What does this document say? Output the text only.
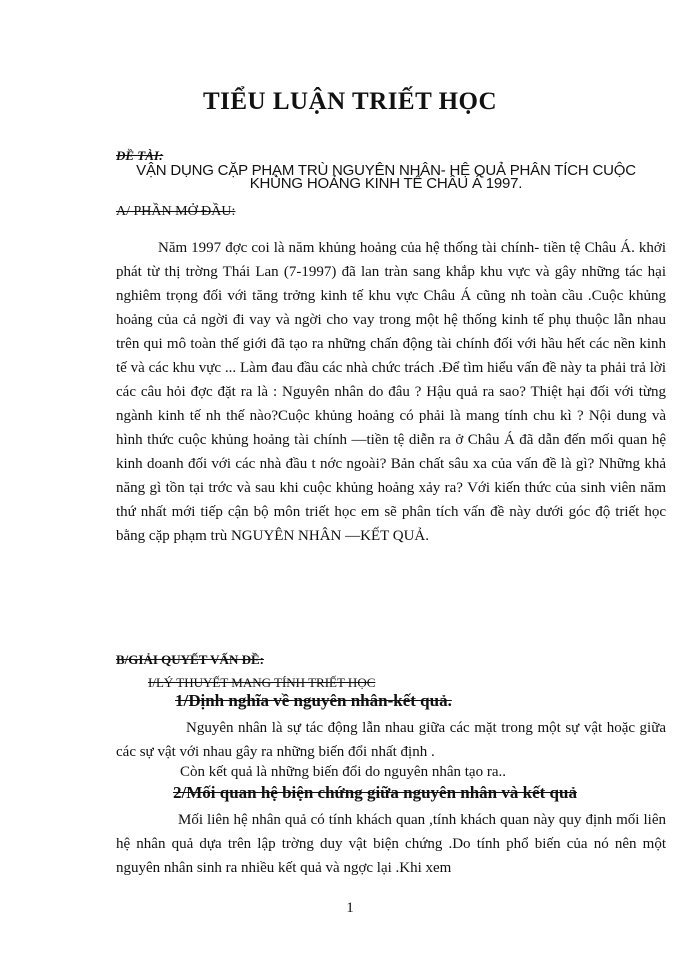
TIỂU LUẬN TRIẾT HỌC
ĐỀ TÀI:
VẬN DỤNG CẶP PHẠM TRÙ NGUYÊN NHÂN- HỆ QUẢ PHÂN TÍCH CUỘC KHỦNG HOẢNG KINH TẾ CHÂU Á 1997.
A/ PHẦN MỞ ĐẦU:

Năm 1997 đợc coi là năm khủng hoảng của hệ thống tài chính- tiền tệ Châu Á. khởi phát từ thị trờng Thái Lan (7-1997) đã lan tràn sang khắp khu vực và gây những tác hại nghiêm trọng đối với tăng trởng kinh tế khu vực Châu Á cũng nh toàn cầu .Cuộc khủng hoảng của cả ngời đi vay và ngời cho vay trong một hệ thống kinh tế phụ thuộc lẫn nhau trên qui mô toàn thế giới đã tạo ra những chấn động tài chính đối với hầu hết các nền kinh tế và các khu vực ... Làm đau đầu các nhà chức trách .Để tìm hiểu vấn đề này ta phải trả lời các câu hỏi đợc đặt ra là : Nguyên nhân do đâu ? Hậu quả ra sao? Thiệt hại đối với từng ngành kinh tế nh thế nào?Cuộc khủng hoảng có phải là mang tính chu kì ? Nội dung và hình thức cuộc khủng hoảng tài chính —tiền tệ diễn ra ở Châu Á đã dẫn đến mối quan hệ kinh doanh đối với các nhà đầu t nớc ngoài? Bản chất sâu xa của vấn đề là gì? Những khả năng gì tồn tại trớc và sau khi cuộc khủng hoảng xảy ra? Với kiến thức của sinh viên năm thứ nhất mới tiếp cận bộ môn triết học em sẽ phân tích vấn đề này dưới góc độ triết học bằng cặp phạm trù NGUYÊN NHÂN —KẾT QUẢ.

B/GIẢI QUYẾT VẤN ĐỀ:
I/LÝ THUYẾT MANG TÍNH TRIẾT HỌC
1/Định nghĩa về nguyên nhân-kết quả.

Nguyên nhân là sự tác động lẫn nhau giữa các mặt trong một sự vật hoặc giữa các sự vật với nhau gây ra những biến đổi nhất định .

Còn kết quả là những biến đổi do nguyên nhân tạo ra..
2/Mối quan hệ biện chứng giữa nguyên nhân và kết quả

Mối liên hệ nhân quả có tính khách quan ,tính khách quan này quy định mối liên hệ nhân quả dựa trên lập trờng duy vật biện chứng .Do tính phổ biến của nó nên một nguyên nhân sinh ra nhiều kết quả và ngợc lại .Khi xem

1
